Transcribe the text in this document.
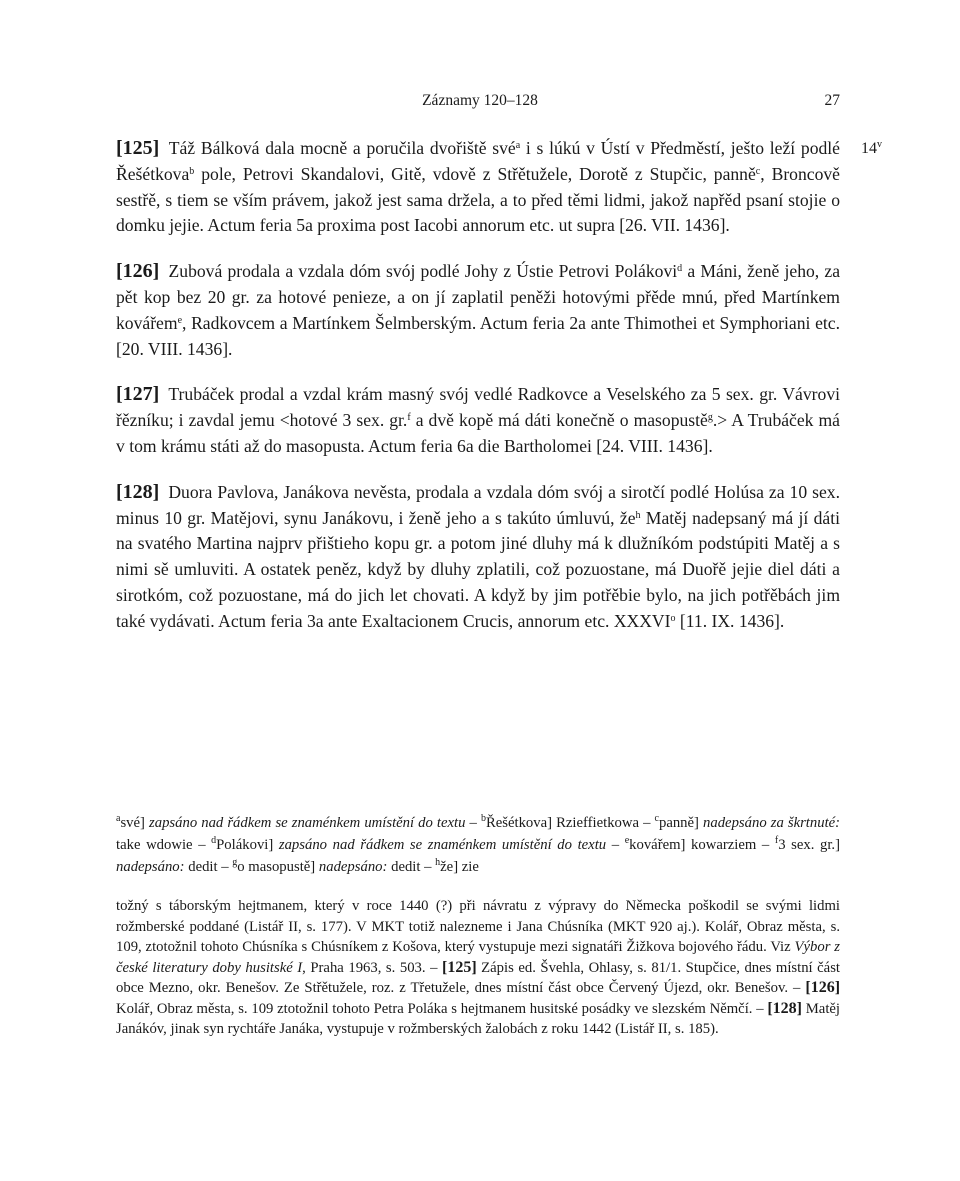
Záznamy 120–128	27

14$^v$
[125] Táž Bálková dala mocně a poručila dvořiště své$^a$ i s lúkú v Ústí v Předměstí, ješto leží podlé Řešétkova$^b$ pole, Petrovi Skandalovi, Gitě, vdově z Střětužele, Dorotě z Stupčic, panně$^c$, Broncově sestřě, s tiem se vším právem, jakož jest sama držela, a to před těmi lidmi, jakož napřěd psaní stojie o domku jejie. Actum feria 5a proxima post Iacobi annorum etc. ut supra [26. VII. 1436].

[126] Zubová prodala a vzdala dóm svój podlé Johy z Ústie Petrovi Polákovi$^d$ a Máni, ženě jeho, za pět kop bez 20 gr. za hotové penieze, a on jí zaplatil peněži hotovými přěde mnú, před Martínkem kovářem$^e$, Radkovcem a Martínkem Šelmberským. Actum feria 2a ante Thimothei et Symphoriani etc. [20. VIII. 1436].

[127] Trubáček prodal a vzdal krám masný svój vedlé Radkovce a Veselského za 5 sex. gr. Vávrovi řězníku; i zavdal jemu <hotové 3 sex. gr.$^f$ a dvě kopě má dáti konečně o masopustě$^g$.> A Trubáček má v tom krámu státi až do masopusta. Actum feria 6a die Bartholomei [24. VIII. 1436].

[128] Duora Pavlova, Janákova nevěsta, prodala a vzdala dóm svój a sirotčí podlé Holúsa za 10 sex. minus 10 gr. Matějovi, synu Janákovu, i ženě jeho a s takúto úmluvú, $že^h$ Matěj nadepsaný má jí dáti na svatého Martina najprv přištieho kopu gr. a potom jiné dluhy má k dlužníkóm podstúpiti Matěj a s nimi sě umluviti. A ostatek peněz, když by dluhy zplatili, což pozuostane, má Duořě jejie diel dáti a sirotkóm, což pozuostane, má do jich let chovati. A když by jim potřěbie bylo, na jich potřěbách jim také vydávati. Actum feria 3a ante Exaltacionem Crucis, annorum etc. XXXVI$^o$ [11. IX. 1436].

$^a$své] zapsáno nad řádkem se znaménkem umístění do textu – $^b$Řešétkova] Rzieffietkowa – $^c$panně] nadepsáno za škrtnuté: take wdowie – $^d$Polákovi] zapsáno nad řádkem se znaménkem umístění do textu – $^e$kovářem] kowarziem – $^f$3 sex. gr.] nadepsáno: dedit – $^g$o masopustě] nadepsáno: dedit – $^h$že] zie
tožný s táborským hejtmanem, který v roce 1440 (?) při návratu z výpravy do Německa poškodil se svými lidmi rožmberské poddané (Listář II, s. 177). V MKT totiž nalezneme i Jana Chúsníka (MKT 920 aj.). Kolář, Obraz města, s. 109, ztotožnil tohoto Chúsníka s Chúsníkem z Košova, který vystupuje mezi signatáři Žižkova bojového řádu. Viz Výbor z české literatury doby husitské I, Praha 1963, s. 503. – [125] Zápis ed. Švehla, Ohlasy, s. 81/1. Stupčice, dnes místní část obce Mezno, okr. Benešov. Ze Střětužele, roz. z Třetužele, dnes místní část obce Červený Újezd, okr. Benešov. – [126] Kolář, Obraz města, s. 109 ztotožnil tohoto Petra Poláka s hejtmanem husitské posádky ve slezském Němčí. – [128] Matěj Janákóv, jinak syn rychtáře Janáka, vystupuje v rožmberských žalobách z roku 1442 (Listář II, s. 185).
